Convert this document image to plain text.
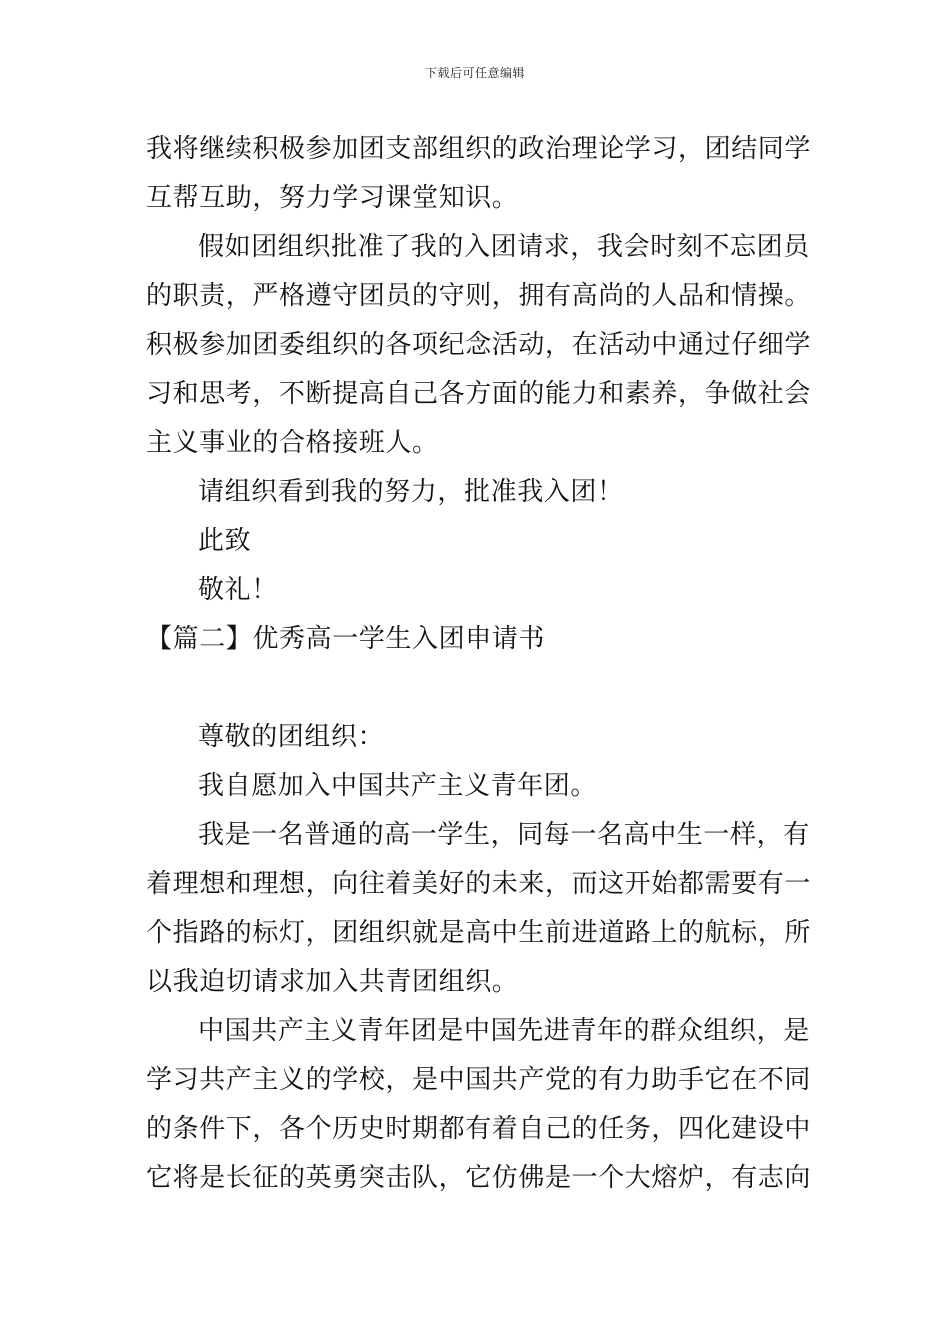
下载后可任意编辑

我将继续积极参加团支部组织的政治理论学习，团结同学
互帮互助，努力学习课堂知识。

假如团组织批准了我的入团请求，我会时刻不忘团员
的职责，严格遵守团员的守则，拥有高尚的人品和情操。
积极参加团委组织的各项纪念活动，在活动中通过仔细学
习和思考，不断提高自己各方面的能力和素养，争做社会
主义事业的合格接班人。

请组织看到我的努力，批准我入团！

此致

敬礼！

【篇二】优秀高一学生入团申请书

尊敬的团组织：

我自愿加入中国共产主义青年团。

我是一名普通的高一学生，同每一名高中生一样，有
着理想和理想，向往着美好的未来，而这开始都需要有一
个指路的标灯，团组织就是高中生前进道路上的航标，所
以我迫切请求加入共青团组织。

中国共产主义青年团是中国先进青年的群众组织，是
学习共产主义的学校，是中国共产党的有力助手它在不同
的条件下，各个历史时期都有着自己的任务，四化建设中
它将是长征的英勇突击队，它仿佛是一个大熔炉，有志向
